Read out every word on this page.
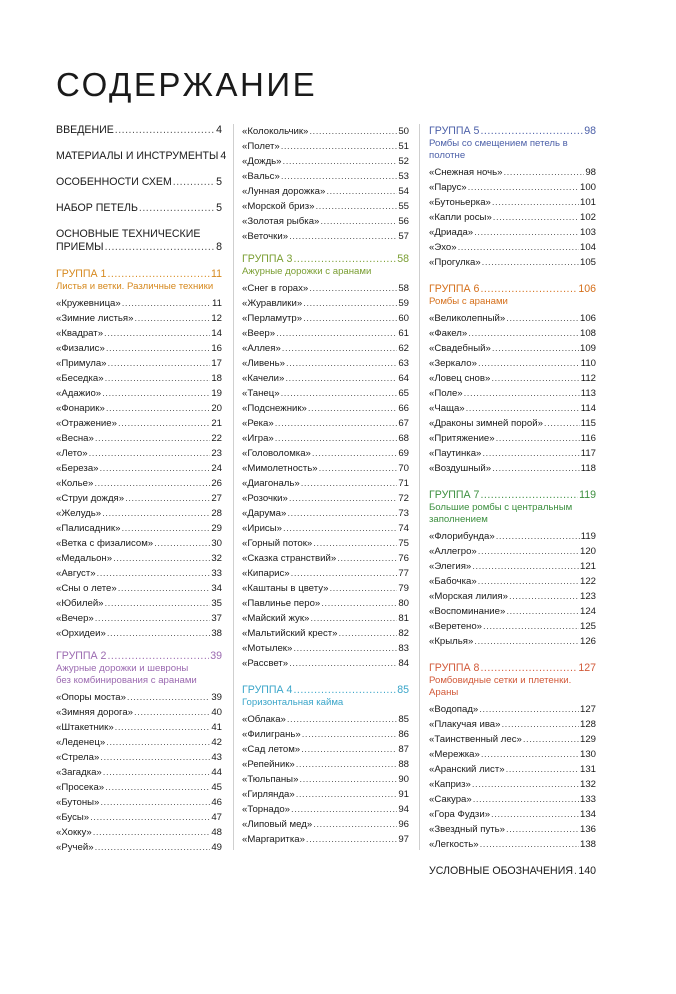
СОДЕРЖАНИЕ
ВВЕДЕНИЕ .....	4
МАТЕРИАЛЫ И ИНСТРУМЕНТЫ 4
ОСОБЕННОСТИ СХЕМ .....	5
НАБОР ПЕТЕЛЬ .....	5
ОСНОВНЫЕ ТЕХНИЧЕСКИЕ
ПРИЕМЫ .....	8
ГРУППА 1 .....	11
Листья и ветки. Различные техники
«Кружевница» .....	11
«Зимние листья» .....	12
«Квадрат» .....	14
«Физалис» .....	16
«Примула» .....	17
«Беседка» .....	18
«Адажио» .....	19
«Фонарик» .....	20
«Отражение» .....	21
«Весна» .....	22
«Лето» .....	23
«Береза» .....	24
«Колье» .....	26
«Струи дождя» .....	27
«Желудь» .....	28
«Палисадник» .....	29
«Ветка с физалисом» .....	30
«Медальон» .....	32
«Август» .....	33
«Сны о лете» .....	34
«Юбилей» .....	35
«Вечер» .....	37
«Орхидеи» .....	38
ГРУППА 2 .....	39
Ажурные дорожки и шевроны
без комбинирования с аранами
«Опоры моста» .....	39
«Зимняя дорога» .....	40
«Штакетник» .....	41
«Леденец» .....	42
«Стрела» .....	43
«Загадка» .....	44
«Просека» .....	45
«Бутоны» .....	46
«Бусы» .....	47
«Хокку» .....	48
«Ручей» .....	49
«Колокольчик» .....	50
«Полет» .....	51
«Дождь» .....	52
«Вальс» .....	53
«Лунная дорожка» .....	54
«Морской бриз» .....	55
«Золотая рыбка» .....	56
«Веточки» .....	57
ГРУППА 3 .....	58
Ажурные дорожки с аранами
«Снег в горах» .....	58
«Журавлики» .....	59
«Перламутр» .....	60
«Веер» .....	61
«Аллея» .....	62
«Ливень» .....	63
«Качели» .....	64
«Танец» .....	65
«Подснежник» .....	66
«Река» .....	67
«Игра» .....	68
«Головоломка» .....	69
«Мимолетность» .....	70
«Диагональ» .....	71
«Розочки» .....	72
«Дарума» .....	73
«Ирисы» .....	74
«Горный поток» .....	75
«Сказка странствий» .....	76
«Кипарис» .....	77
«Каштаны в цвету» .....	79
«Павлинье перо» .....	80
«Майский жук» .....	81
«Мальтийский крест» .....	82
«Мотылек» .....	83
«Рассвет» .....	84
ГРУППА 4 .....	85
Горизонтальная кайма
«Облака» .....	85
«Филигрань» .....	86
«Сад летом» .....	87
«Репейник» .....	88
«Тюльпаны» .....	90
«Гирлянда» .....	91
«Торнадо» .....	94
«Липовый мед» .....	96
«Маргаритка» .....	97
ГРУППА 5 .....	98
Ромбы со смещением петель в полотне
«Снежная ночь» .....	98
«Парус» .....	100
«Бутоньерка» .....	101
«Капли росы» .....	102
«Дриада» .....	103
«Эхо» .....	104
«Прогулка» .....	105
ГРУППА 6 .....	106
Ромбы с аранами
«Великолепный» .....	106
«Факел» .....	108
«Свадебный» .....	109
«Зеркало» .....	110
«Ловец снов» .....	112
«Поле» .....	113
«Чаща» .....	114
«Драконы зимней порой» .....	115
«Притяжение» .....	116
«Паутинка» .....	117
«Воздушный» .....	118
ГРУППА 7 .....	119
Большие ромбы с центральным
заполнением
«Флорибунда» .....	119
«Аллегро» .....	120
«Элегия» .....	121
«Бабочка» .....	122
«Морская лилия» .....	123
«Воспоминание» .....	124
«Веретено» .....	125
«Крылья» .....	126
ГРУППА 8 .....	127
Ромбовидные сетки и плетенки. Араны
«Водопад» .....	127
«Плакучая ива» .....	128
«Таинственный лес» .....	129
«Мережка» .....	130
«Аранский лист» .....	131
«Каприз» .....	132
«Сакура» .....	133
«Гора Фудзи» .....	134
«Звездный путь» .....	136
«Легкость» .....	138
УСЛОВНЫЕ ОБОЗНАЧЕНИЯ ..... 140
